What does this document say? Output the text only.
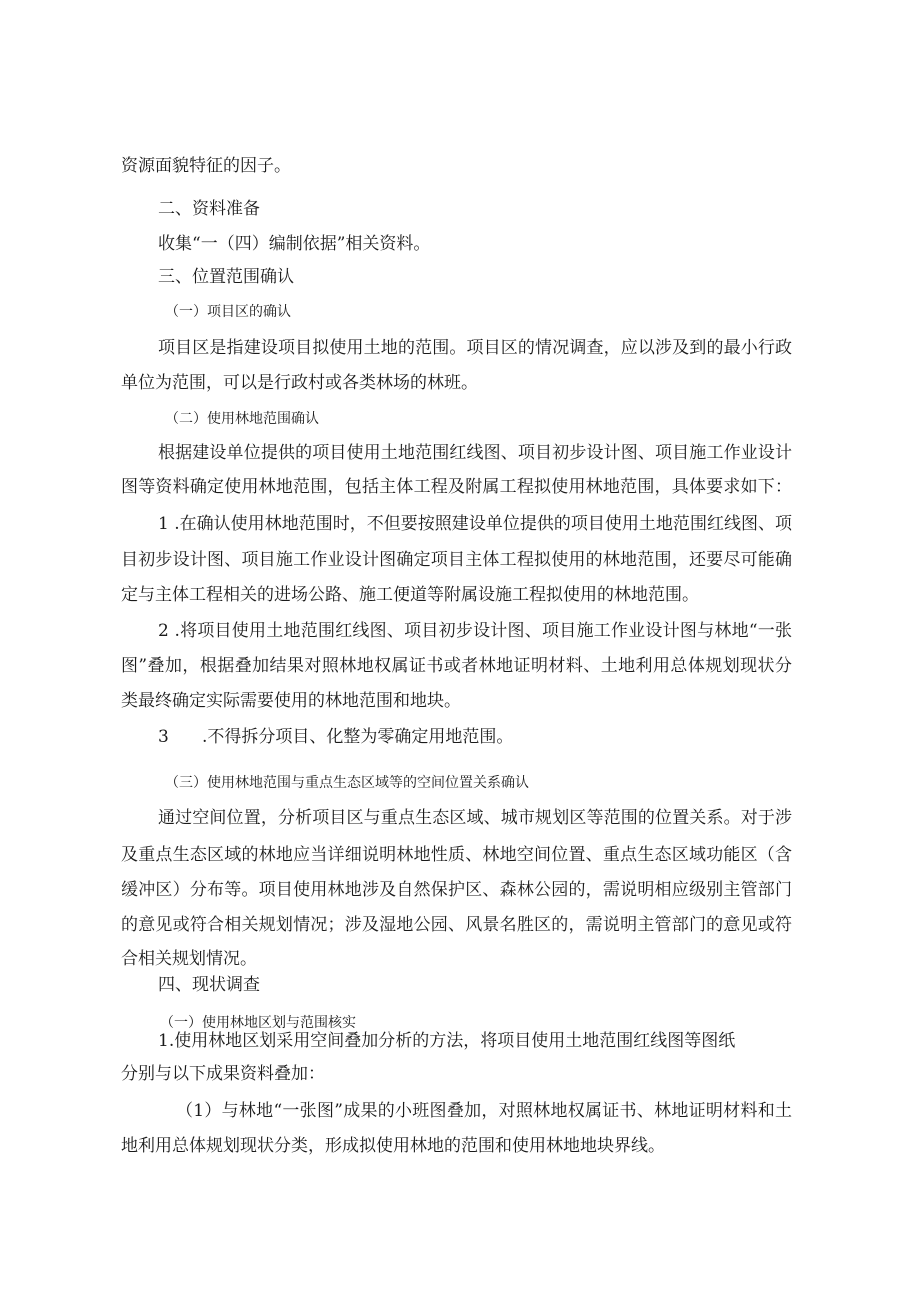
资源面貌特征的因子。

二、资料准备

收集“一（四）编制依据”相关资料。

三、位置范围确认

（一）项目区的确认

项目区是指建设项目拟使用土地的范围。项目区的情况调查，应以涉及到的最小行政

单位为范围，可以是行政村或各类林场的林班。

（二）使用林地范围确认

根据建设单位提供的项目使用土地范围红线图、项目初步设计图、项目施工作业设计

图等资料确定使用林地范围，包括主体工程及附属工程拟使用林地范围，具体要求如下：

1 .在确认使用林地范围时，不但要按照建设单位提供的项目使用土地范围红线图、项

目初步设计图、项目施工作业设计图确定项目主体工程拟使用的林地范围，还要尽可能确

定与主体工程相关的进场公路、施工便道等附属设施工程拟使用的林地范围。

2 .将项目使用土地范围红线图、项目初步设计图、项目施工作业设计图与林地“一张

图”叠加，根据叠加结果对照林地权属证书或者林地证明材料、土地利用总体规划现状分

类最终确定实际需要使用的林地范围和地块。

3 .不得拆分项目、化整为零确定用地范围。

（三）使用林地范围与重点生态区域等的空间位置关系确认

通过空间位置，分析项目区与重点生态区域、城市规划区等范围的位置关系。对于涉

及重点生态区域的林地应当详细说明林地性质、林地空间位置、重点生态区域功能区（含

缓冲区）分布等。项目使用林地涉及自然保护区、森林公园的，需说明相应级别主管部门

的意见或符合相关规划情况；涉及湿地公园、风景名胜区的，需说明主管部门的意见或符

合相关规划情况。

四、现状调查

（一）使用林地区划与范围核实

1.使用林地区划采用空间叠加分析的方法，将项目使用土地范围红线图等图纸

分别与以下成果资料叠加：

（1）与林地“一张图”成果的小班图叠加，对照林地权属证书、林地证明材料和土

地利用总体规划现状分类，形成拟使用林地的范围和使用林地地块界线。
